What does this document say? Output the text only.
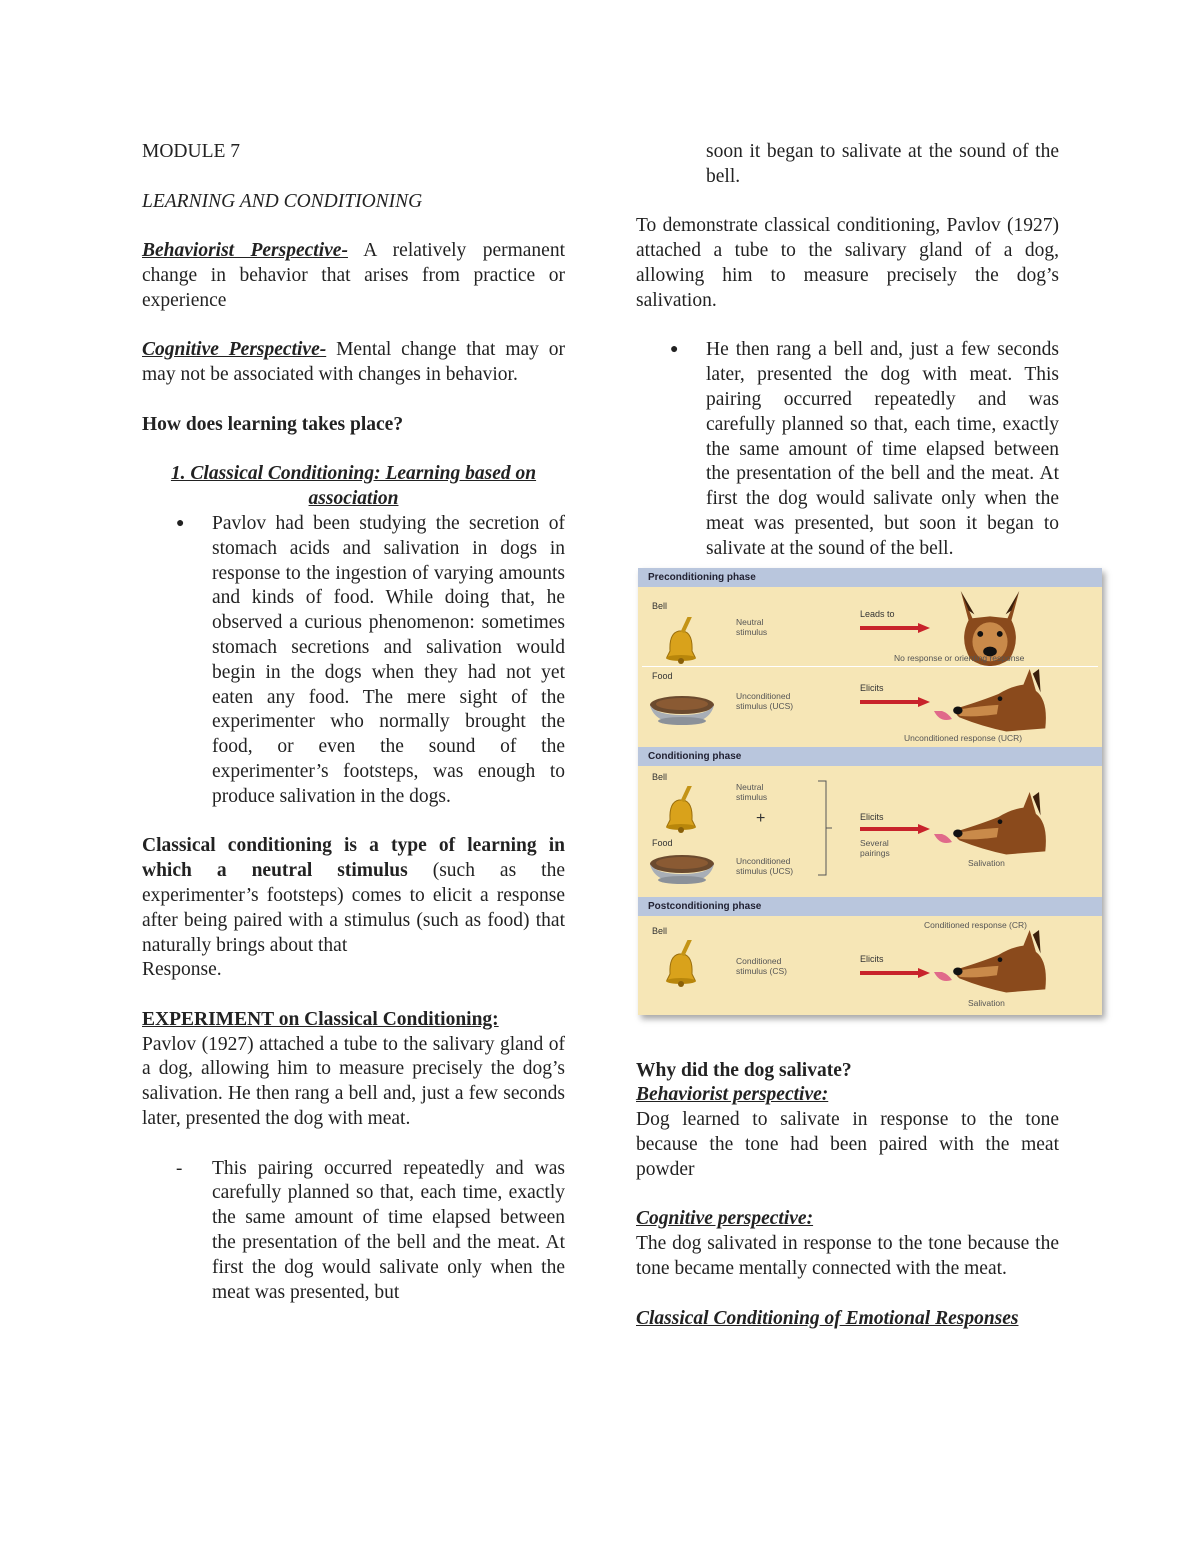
MODULE 7

LEARNING AND CONDITIONING

Behaviorist Perspective- A relatively permanent change in behavior that arises from practice or experience

Cognitive Perspective- Mental change that may or may not be associated with changes in behavior.

How does learning takes place?

1. Classical Conditioning: Learning based on association

● Pavlov had been studying the secretion of stomach acids and salivation in dogs in response to the ingestion of varying amounts and kinds of food. While doing that, he observed a curious phenomenon: sometimes stomach secretions and salivation would begin in the dogs when they had not yet eaten any food. The mere sight of the experimenter who normally brought the food, or even the sound of the experimenter’s footsteps, was enough to produce salivation in the dogs.

Classical conditioning is a type of learning in which a neutral stimulus (such as the experimenter’s footsteps) comes to elicit a response after being paired with a stimulus (such as food) that naturally brings about that

Response.

EXPERIMENT on Classical Conditioning:

Pavlov (1927) attached a tube to the salivary gland of a dog, allowing him to measure precisely the dog’s salivation. He then rang a bell and, just a few seconds later, presented the dog with meat.

- This pairing occurred repeatedly and was carefully planned so that, each time, exactly the same amount of time elapsed between the presentation of the bell and the meat. At first the dog would salivate only when the meat was presented, but

soon it began to salivate at the sound of the bell.

To demonstrate classical conditioning, Pavlov (1927) attached a tube to the salivary gland of a dog, allowing him to measure precisely the dog’s salivation.

● He then rang a bell and, just a few seconds later, presented the dog with meat. This pairing occurred repeatedly and was carefully planned so that, each time, exactly the same amount of time elapsed between the presentation of the bell and the meat. At first the dog would salivate only when the meat was presented, but soon it began to salivate at the sound of the bell.
Preconditioning phase
Bell
Neutral stimulus
Leads to
No response or orienting response
Food
Unconditioned stimulus (UCS)
Elicits
Unconditioned response (UCR)
Conditioning phase
Bell
Neutral stimulus
+
Food
Unconditioned stimulus (UCS)
Elicits
Several pairings
Salivation
Postconditioning phase
Bell
Conditioned stimulus (CS)
Conditioned response (CR)
Elicits
Salivation

Why did the dog salivate?

Behaviorist perspective:

Dog learned to salivate in response to the tone because the tone had been paired with the meat powder

Cognitive perspective:

The dog salivated in response to the tone because the tone became mentally connected with the meat.

Classical Conditioning of Emotional Responses
